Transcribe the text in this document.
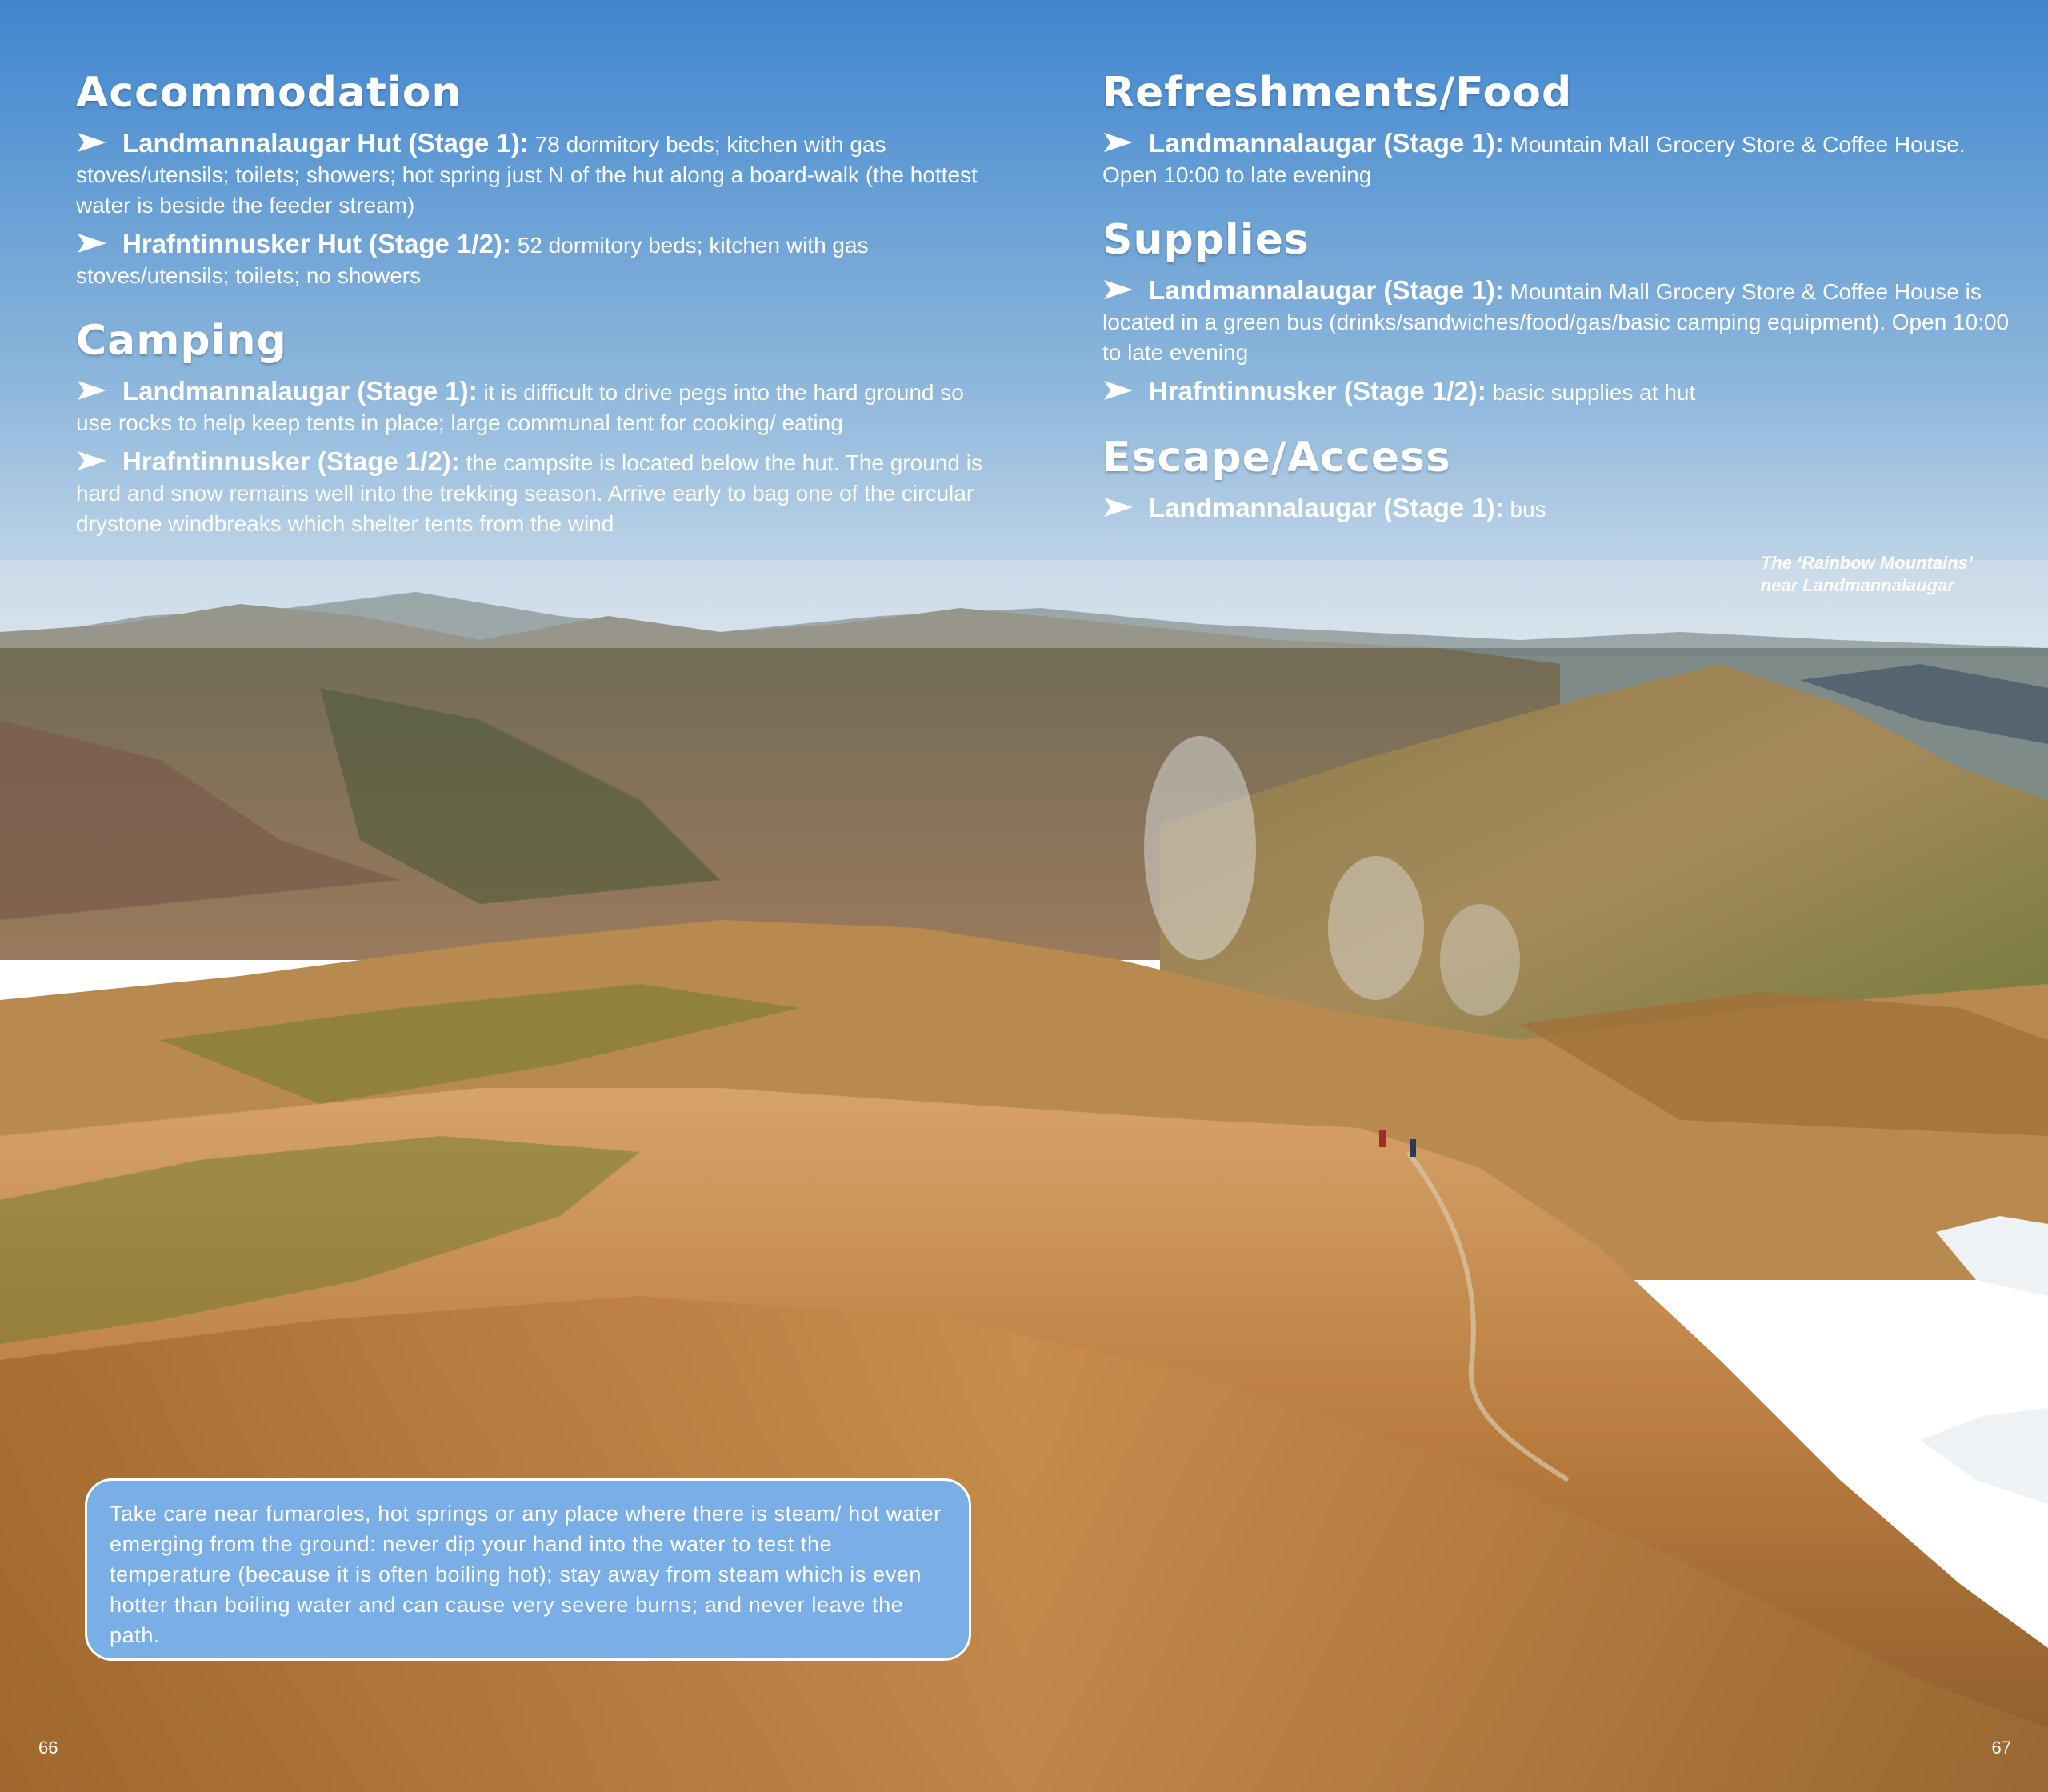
Accommodation

Landmannalaugar Hut (Stage 1): 78 dormitory beds; kitchen with gas stoves/utensils; toilets; showers; hot spring just N of the hut along a board-walk (the hottest water is beside the feeder stream)

Hrafntinnusker Hut (Stage 1/2): 52 dormitory beds; kitchen with gas stoves/utensils; toilets; no showers

Camping

Landmannalaugar (Stage 1): it is difficult to drive pegs into the hard ground so use rocks to help keep tents in place; large communal tent for cooking/ eating

Hrafntinnusker (Stage 1/2): the campsite is located below the hut. The ground is hard and snow remains well into the trekking season. Arrive early to bag one of the circular drystone windbreaks which shelter tents from the wind

Refreshments/Food

Landmannalaugar (Stage 1): Mountain Mall Grocery Store & Coffee House. Open 10:00 to late evening

Supplies

Landmannalaugar (Stage 1): Mountain Mall Grocery Store & Coffee House is located in a green bus (drinks/sandwiches/food/gas/basic camping equipment). Open 10:00 to late evening

Hrafntinnusker (Stage 1/2): basic supplies at hut

Escape/Access

Landmannalaugar (Stage 1): bus

The ‘Rainbow Mountains’
near Landmannalaugar
Take care near fumaroles, hot springs or any place where there is steam/ hot water emerging from the ground: never dip your hand into the water to test the temperature (because it is often boiling hot); stay away from steam which is even hotter than boiling water and can cause very severe burns; and never leave the path.
66	67
